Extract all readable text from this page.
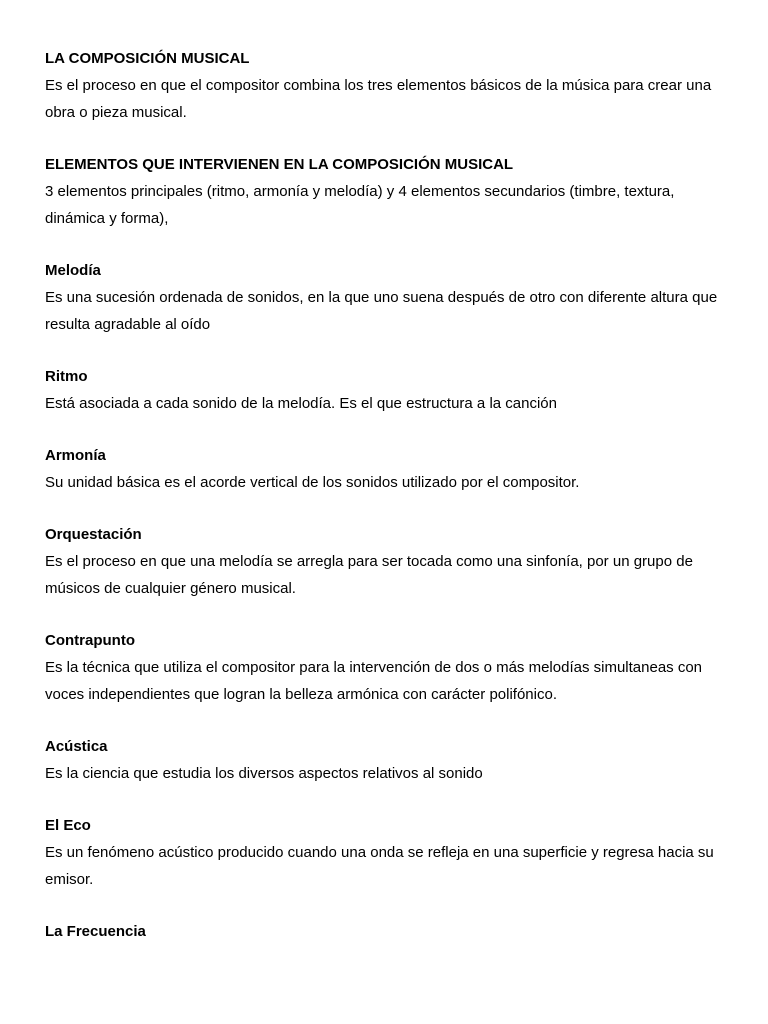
LA COMPOSICIÓN MUSICAL

Es el proceso en que el compositor combina los tres elementos básicos de la música para crear una obra o pieza musical.

ELEMENTOS QUE INTERVIENEN EN LA COMPOSICIÓN MUSICAL

3 elementos principales (ritmo, armonía y melodía) y 4 elementos secundarios (timbre, textura, dinámica y forma),

Melodía

Es una sucesión ordenada de sonidos, en la que uno suena después de otro con diferente altura que resulta agradable al oído

Ritmo

Está asociada a cada sonido de la melodía. Es el que estructura a la canción

Armonía

Su unidad básica es el acorde vertical de los sonidos utilizado por el compositor.

Orquestación

Es el proceso en que una melodía se arregla para ser tocada como una sinfonía, por un grupo de músicos de cualquier género musical.

Contrapunto

Es la técnica que utiliza el compositor para la intervención de dos o más melodías simultaneas con voces independientes que logran la belleza armónica con carácter polifónico.

Acústica

Es la ciencia que estudia los diversos aspectos relativos al sonido

El Eco

Es un fenómeno acústico producido cuando una onda se refleja en una superficie y regresa hacia su emisor.

La Frecuencia
